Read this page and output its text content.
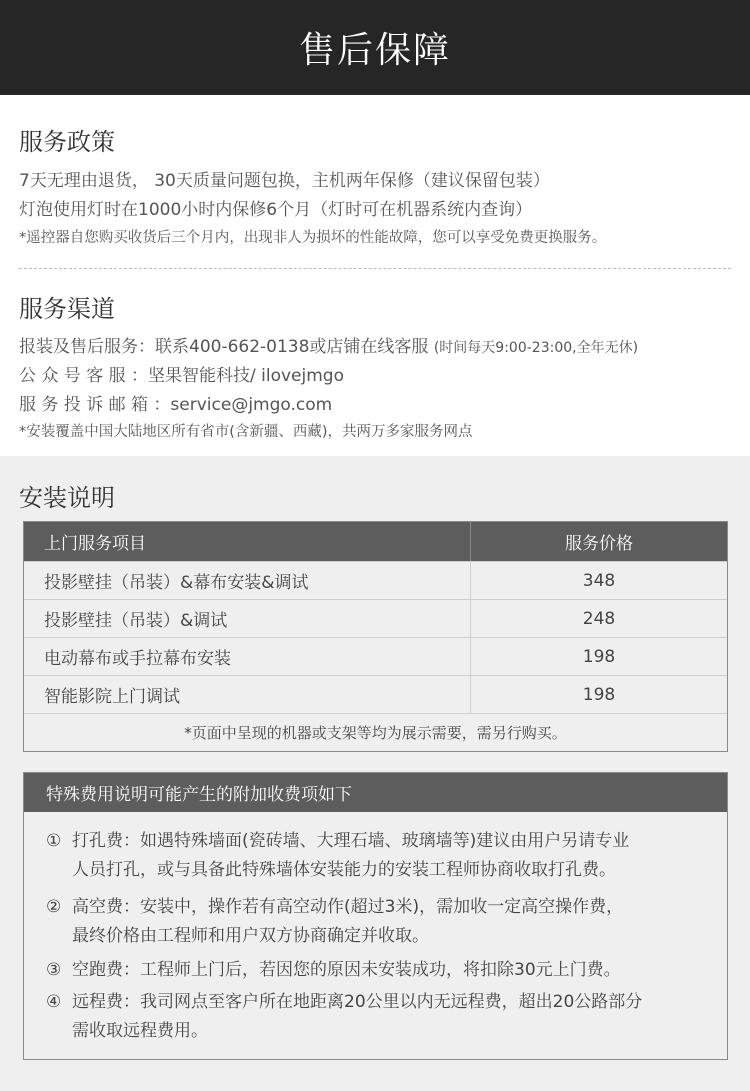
售后保障
服务政策
7天无理由退货， 30天质量问题包换，主机两年保修（建议保留包装）
灯泡使用灯时在1000小时内保修6个月（灯时可在机器系统内查询）
*遥控器自您购买收货后三个月内，出现非人为损坏的性能故障，您可以享受免费更换服务。
服务渠道
报装及售后服务：联系400-662-0138或店铺在线客服 (时间每天9:00-23:00,全年无休)
公 众 号 客 服 ：坚果智能科技/ ilovejmgo
服 务 投 诉 邮 箱 ：service@jmgo.com
*安装覆盖中国大陆地区所有省市(含新疆、西藏)，共两万多家服务网点
安装说明
上门服务项目	服务价格
投影壁挂（吊装）&幕布安装&调试	348
投影壁挂（吊装）&调试	248
电动幕布或手拉幕布安装	198
智能影院上门调试	198
*页面中呈现的机器或支架等均为展示需要，需另行购买。
特殊费用说明可能产生的附加收费项如下
① 打孔费：如遇特殊墙面(瓷砖墙、大理石墙、玻璃墙等)建议由用户另请专业
人员打孔，或与具备此特殊墙体安装能力的安装工程师协商收取打孔费。
② 高空费：安装中，操作若有高空动作(超过3米)，需加收一定高空操作费，
最终价格由工程师和用户双方协商确定并收取。
③ 空跑费：工程师上门后，若因您的原因未安装成功，将扣除30元上门费。
④ 远程费：我司网点至客户所在地距离20公里以内无远程费，超出20公路部分
需收取远程费用。
